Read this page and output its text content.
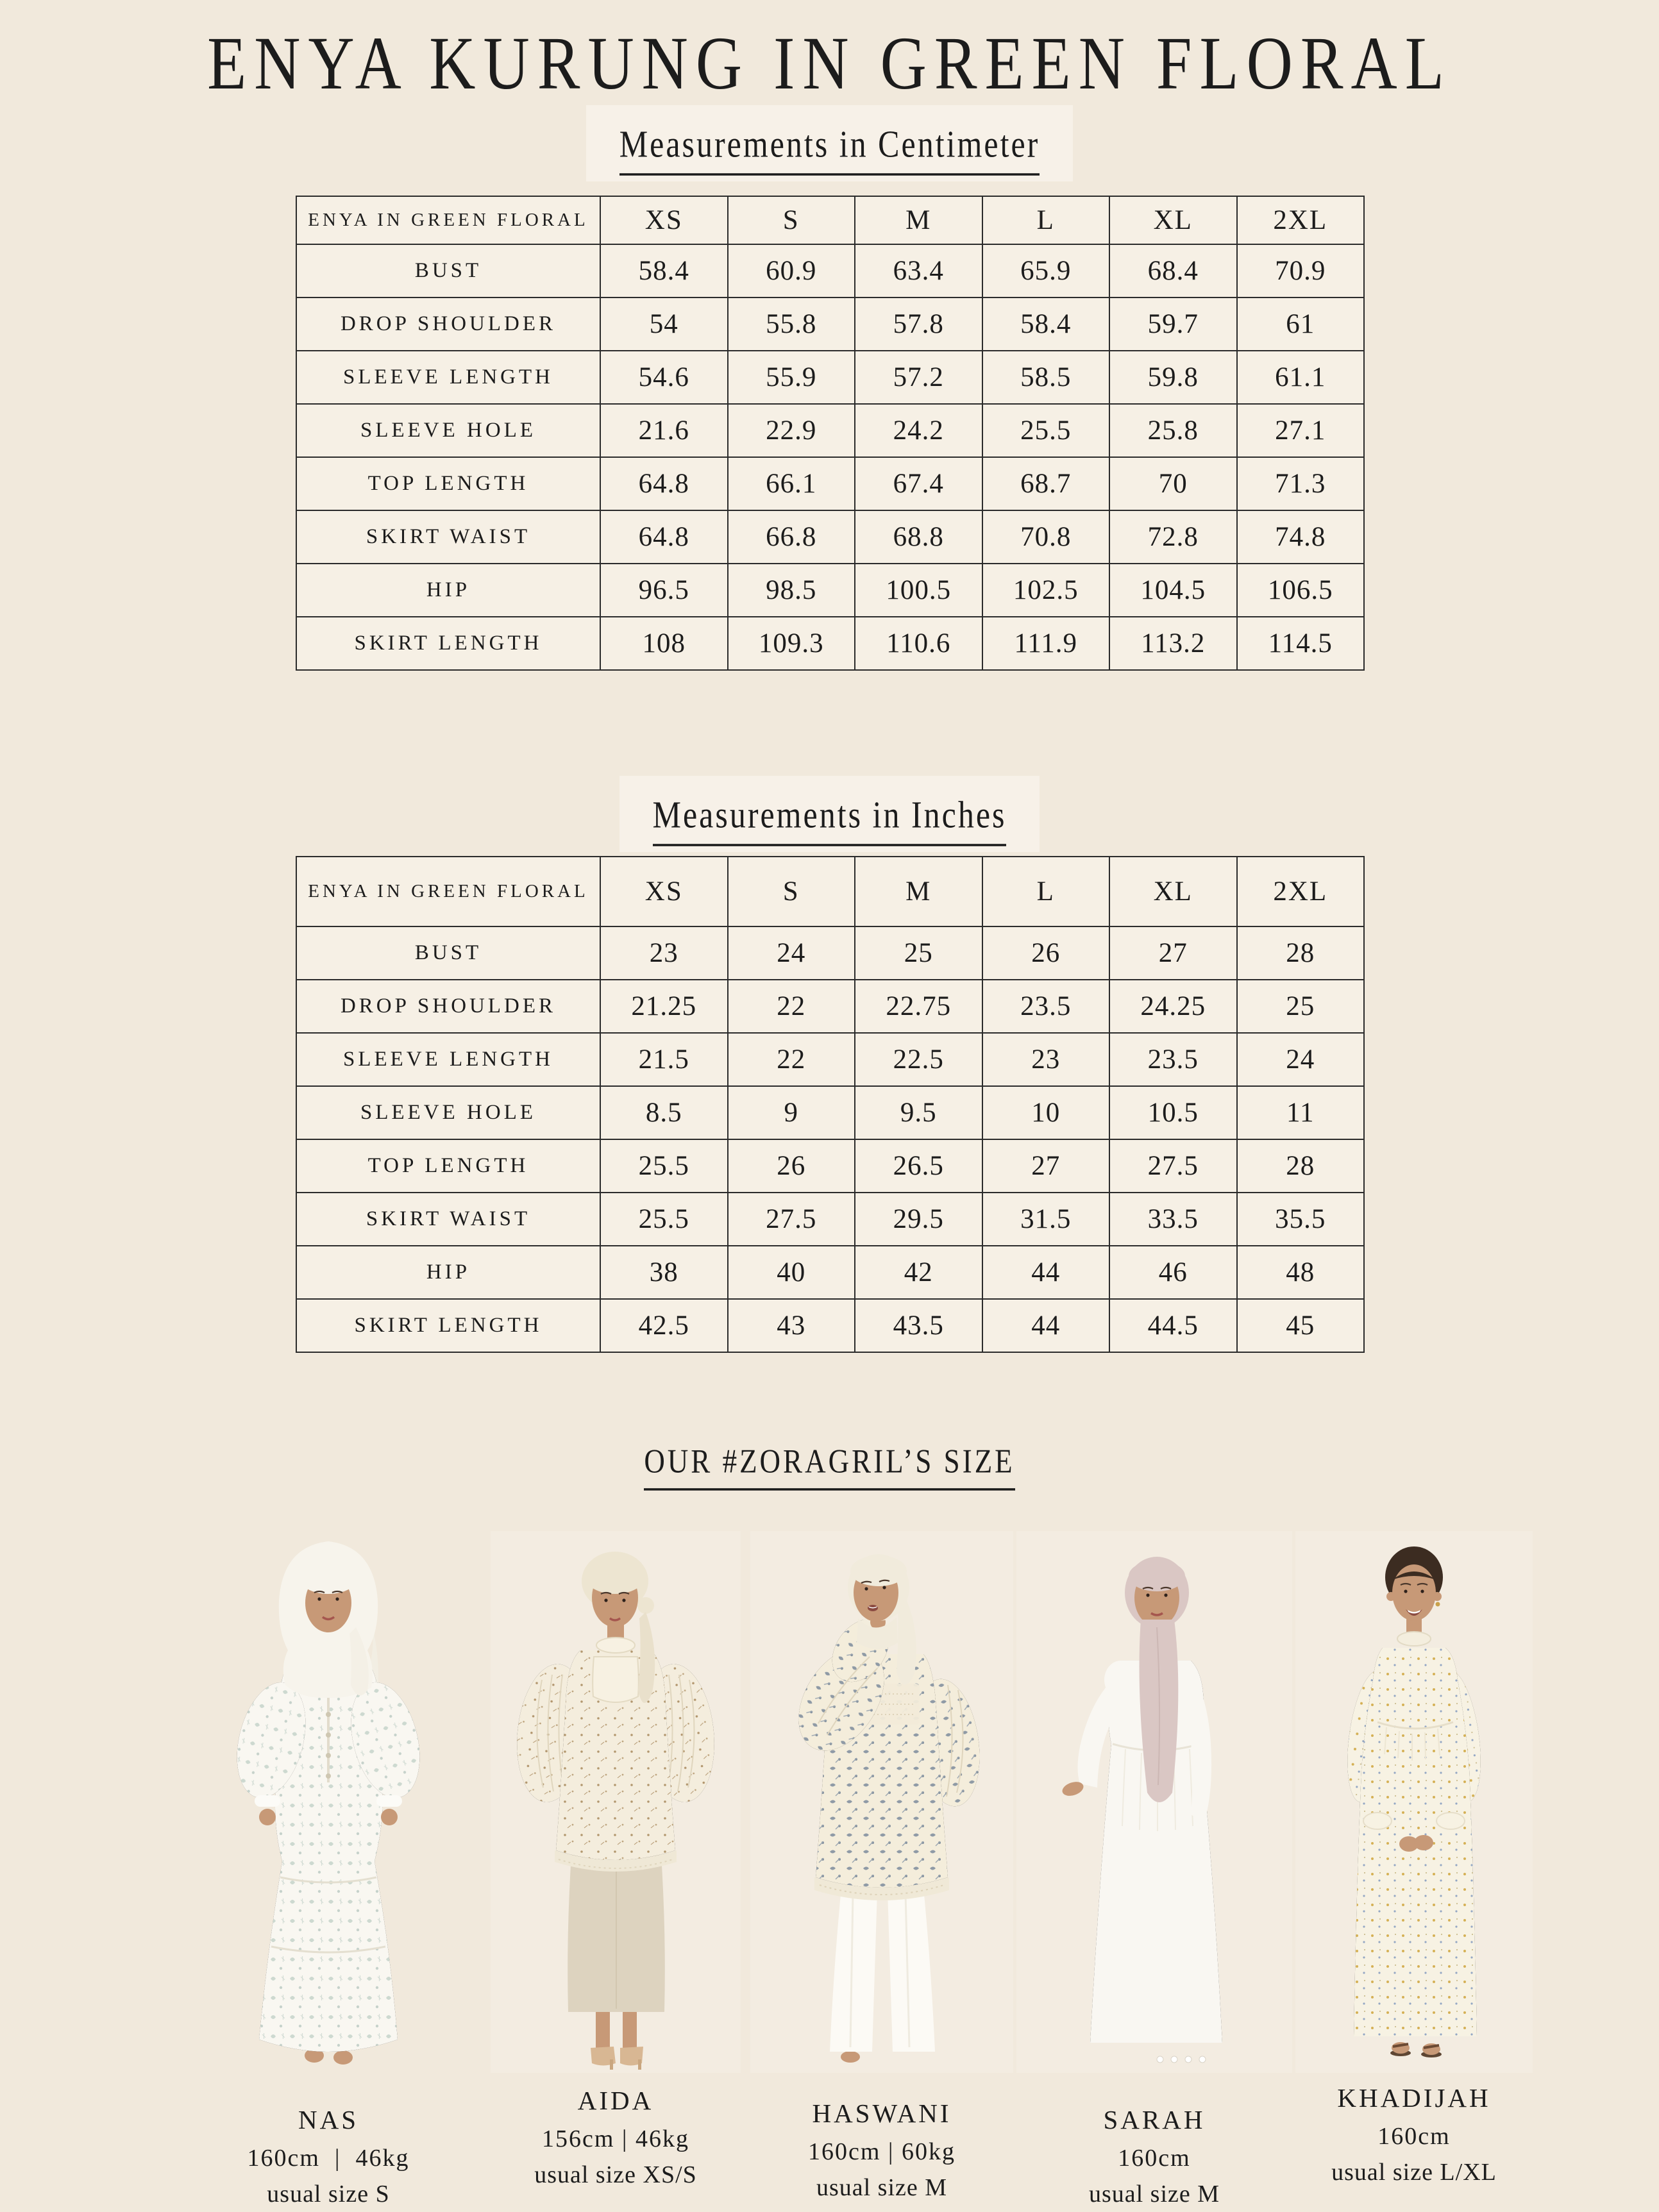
ENYA KURUNG IN GREEN FLORAL
Measurements in Centimeter
ENYA IN GREEN FLORAL	XS	S	M	L	XL	2XL
BUST	58.4	60.9	63.4	65.9	68.4	70.9
DROP SHOULDER	54	55.8	57.8	58.4	59.7	61
SLEEVE LENGTH	54.6	55.9	57.2	58.5	59.8	61.1
SLEEVE HOLE	21.6	22.9	24.2	25.5	25.8	27.1
TOP LENGTH	64.8	66.1	67.4	68.7	70	71.3
SKIRT WAIST	64.8	66.8	68.8	70.8	72.8	74.8
HIP	96.5	98.5	100.5	102.5	104.5	106.5
SKIRT LENGTH	108	109.3	110.6	111.9	113.2	114.5
Measurements in Inches
ENYA IN GREEN FLORAL	XS	S	M	L	XL	2XL
BUST	23	24	25	26	27	28
DROP SHOULDER	21.25	22	22.75	23.5	24.25	25
SLEEVE LENGTH	21.5	22	22.5	23	23.5	24
SLEEVE HOLE	8.5	9	9.5	10	10.5	11
TOP LENGTH	25.5	26	26.5	27	27.5	28
SKIRT WAIST	25.5	27.5	29.5	31.5	33.5	35.5
HIP	38	40	42	44	46	48
SKIRT LENGTH	42.5	43	43.5	44	44.5	45
OUR #ZORAGRIL’S SIZE
NAS
160cm  |  46kg
usual size S
AIDA
156cm | 46kg
usual size XS/S
HASWANI
160cm | 60kg
usual size M
SARAH
160cm
usual size M
KHADIJAH
160cm
usual size L/XL
